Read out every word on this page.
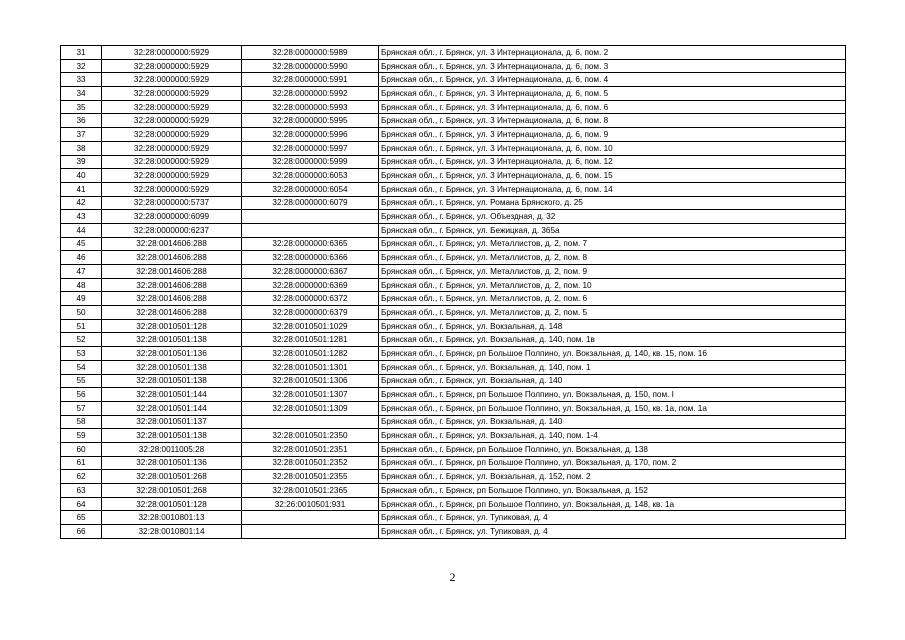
31	32:28:0000000:5929	32:28:0000000:5989	Брянская обл., г. Брянск, ул. 3 Интернационала, д. 6, пом. 2
32	32:28:0000000:5929	32:28:0000000:5990	Брянская обл., г. Брянск, ул. 3 Интернационала, д. 6, пом. 3
33	32:28:0000000:5929	32:28:0000000:5991	Брянская обл., г. Брянск, ул. 3 Интернационала, д. 6, пом. 4
34	32:28:0000000:5929	32:28:0000000:5992	Брянская обл., г. Брянск, ул. 3 Интернационала, д. 6, пом. 5
35	32:28:0000000:5929	32:28:0000000:5993	Брянская обл., г. Брянск, ул. 3 Интернационала, д. 6, пом. 6
36	32:28:0000000:5929	32:28:0000000:5995	Брянская обл., г. Брянск, ул. 3 Интернационала, д. 6, пом. 8
37	32:28:0000000:5929	32:28:0000000:5996	Брянская обл., г. Брянск, ул. 3 Интернационала, д. 6, пом. 9
38	32:28:0000000:5929	32:28:0000000:5997	Брянская обл., г. Брянск, ул. 3 Интернационала, д. 6, пом. 10
39	32:28:0000000:5929	32:28:0000000:5999	Брянская обл., г. Брянск, ул. 3 Интернационала, д. 6, пом. 12
40	32:28:0000000:5929	32:28:0000000:6053	Брянская обл., г. Брянск, ул. 3 Интернационала, д. 6, пом. 15
41	32:28:0000000:5929	32:28:0000000:6054	Брянская обл., г. Брянск, ул. 3 Интернационала, д. 6, пом. 14
42	32:28:0000000:5737	32:28:0000000:6079	Брянская обл., г. Брянск, ул. Романа Брянского, д. 25
43	32:28:0000000:6099		Брянская обл., г. Брянск, ул. Объездная, д. 32
44	32:28:0000000:6237		Брянская обл., г. Брянск, ул. Бежицкая, д. 365а
45	32:28:0014606:288	32:28:0000000:6365	Брянская обл., г. Брянск, ул. Металлистов, д. 2, пом. 7
46	32:28:0014606:288	32:28:0000000:6366	Брянская обл., г. Брянск, ул. Металлистов, д. 2, пом. 8
47	32:28:0014606:288	32:28:0000000:6367	Брянская обл., г. Брянск, ул. Металлистов, д. 2, пом. 9
48	32:28:0014606:288	32:28:0000000:6369	Брянская обл., г. Брянск, ул. Металлистов, д. 2, пом. 10
49	32:28:0014606:288	32:28:0000000:6372	Брянская обл., г. Брянск, ул. Металлистов, д. 2, пом. 6
50	32:28:0014606:288	32:28:0000000:6379	Брянская обл., г. Брянск, ул. Металлистов, д. 2, пом. 5
51	32:28:0010501:128	32:28:0010501:1029	Брянская обл., г. Брянск, ул. Вокзальная, д. 148
52	32:28:0010501:138	32:28:0010501:1281	Брянская обл., г. Брянск, ул. Вокзальная, д. 140, пом. 1в
53	32:28:0010501:136	32:28:0010501:1282	Брянская обл., г. Брянск, рп Большое Полпино, ул. Вокзальная, д. 140, кв. 15, пом. 16
54	32:28:0010501:138	32:28:0010501:1301	Брянская обл., г. Брянск, ул. Вокзальная, д. 140, пом. 1
55	32:28:0010501:138	32:28:0010501:1306	Брянская обл., г. Брянск, ул. Вокзальная, д. 140
56	32:28:0010501:144	32:28:0010501:1307	Брянская обл., г. Брянск, рп Большое Полпино, ул. Вокзальная, д. 150, пом. I
57	32:28:0010501:144	32:28:0010501:1309	Брянская обл., г. Брянск, рп Большое Полпино, ул. Вокзальная, д. 150, кв. 1а, пом. 1а
58	32:28:0010501:137		Брянская обл., г. Брянск, ул. Вокзальная, д. 140
59	32:28:0010501:138	32:28:0010501:2350	Брянская обл., г. Брянск, ул. Вокзальная, д. 140, пом. 1-4
60	32:28:0011005:28	32:28:0010501:2351	Брянская обл., г. Брянск, рп Большое Полпино, ул. Вокзальная, д. 138
61	32:28:0010501:136	32:28:0010501:2352	Брянская обл., г. Брянск, рп Большое Полпино, ул. Вокзальная, д. 170, пом. 2
62	32:28:0010501:268	32:28:0010501:2355	Брянская обл., г. Брянск, ул. Вокзальная, д. 152, пом. 2
63	32:28:0010501:268	32:28:0010501:2365	Брянская обл., г. Брянск, рп Большое Полпино, ул. Вокзальная, д. 152
64	32:28:0010501:128	32:26:0010501:931	Брянская обл., г. Брянск, рп Большое Полпино, ул. Вокзальная, д. 148, кв. 1а
65	32:28:0010801:13		Брянская обл., г. Брянск, ул. Тупиковая, д. 4
66	32:28:0010801:14		Брянская обл., г. Брянск, ул. Тупиковая, д. 4
2
